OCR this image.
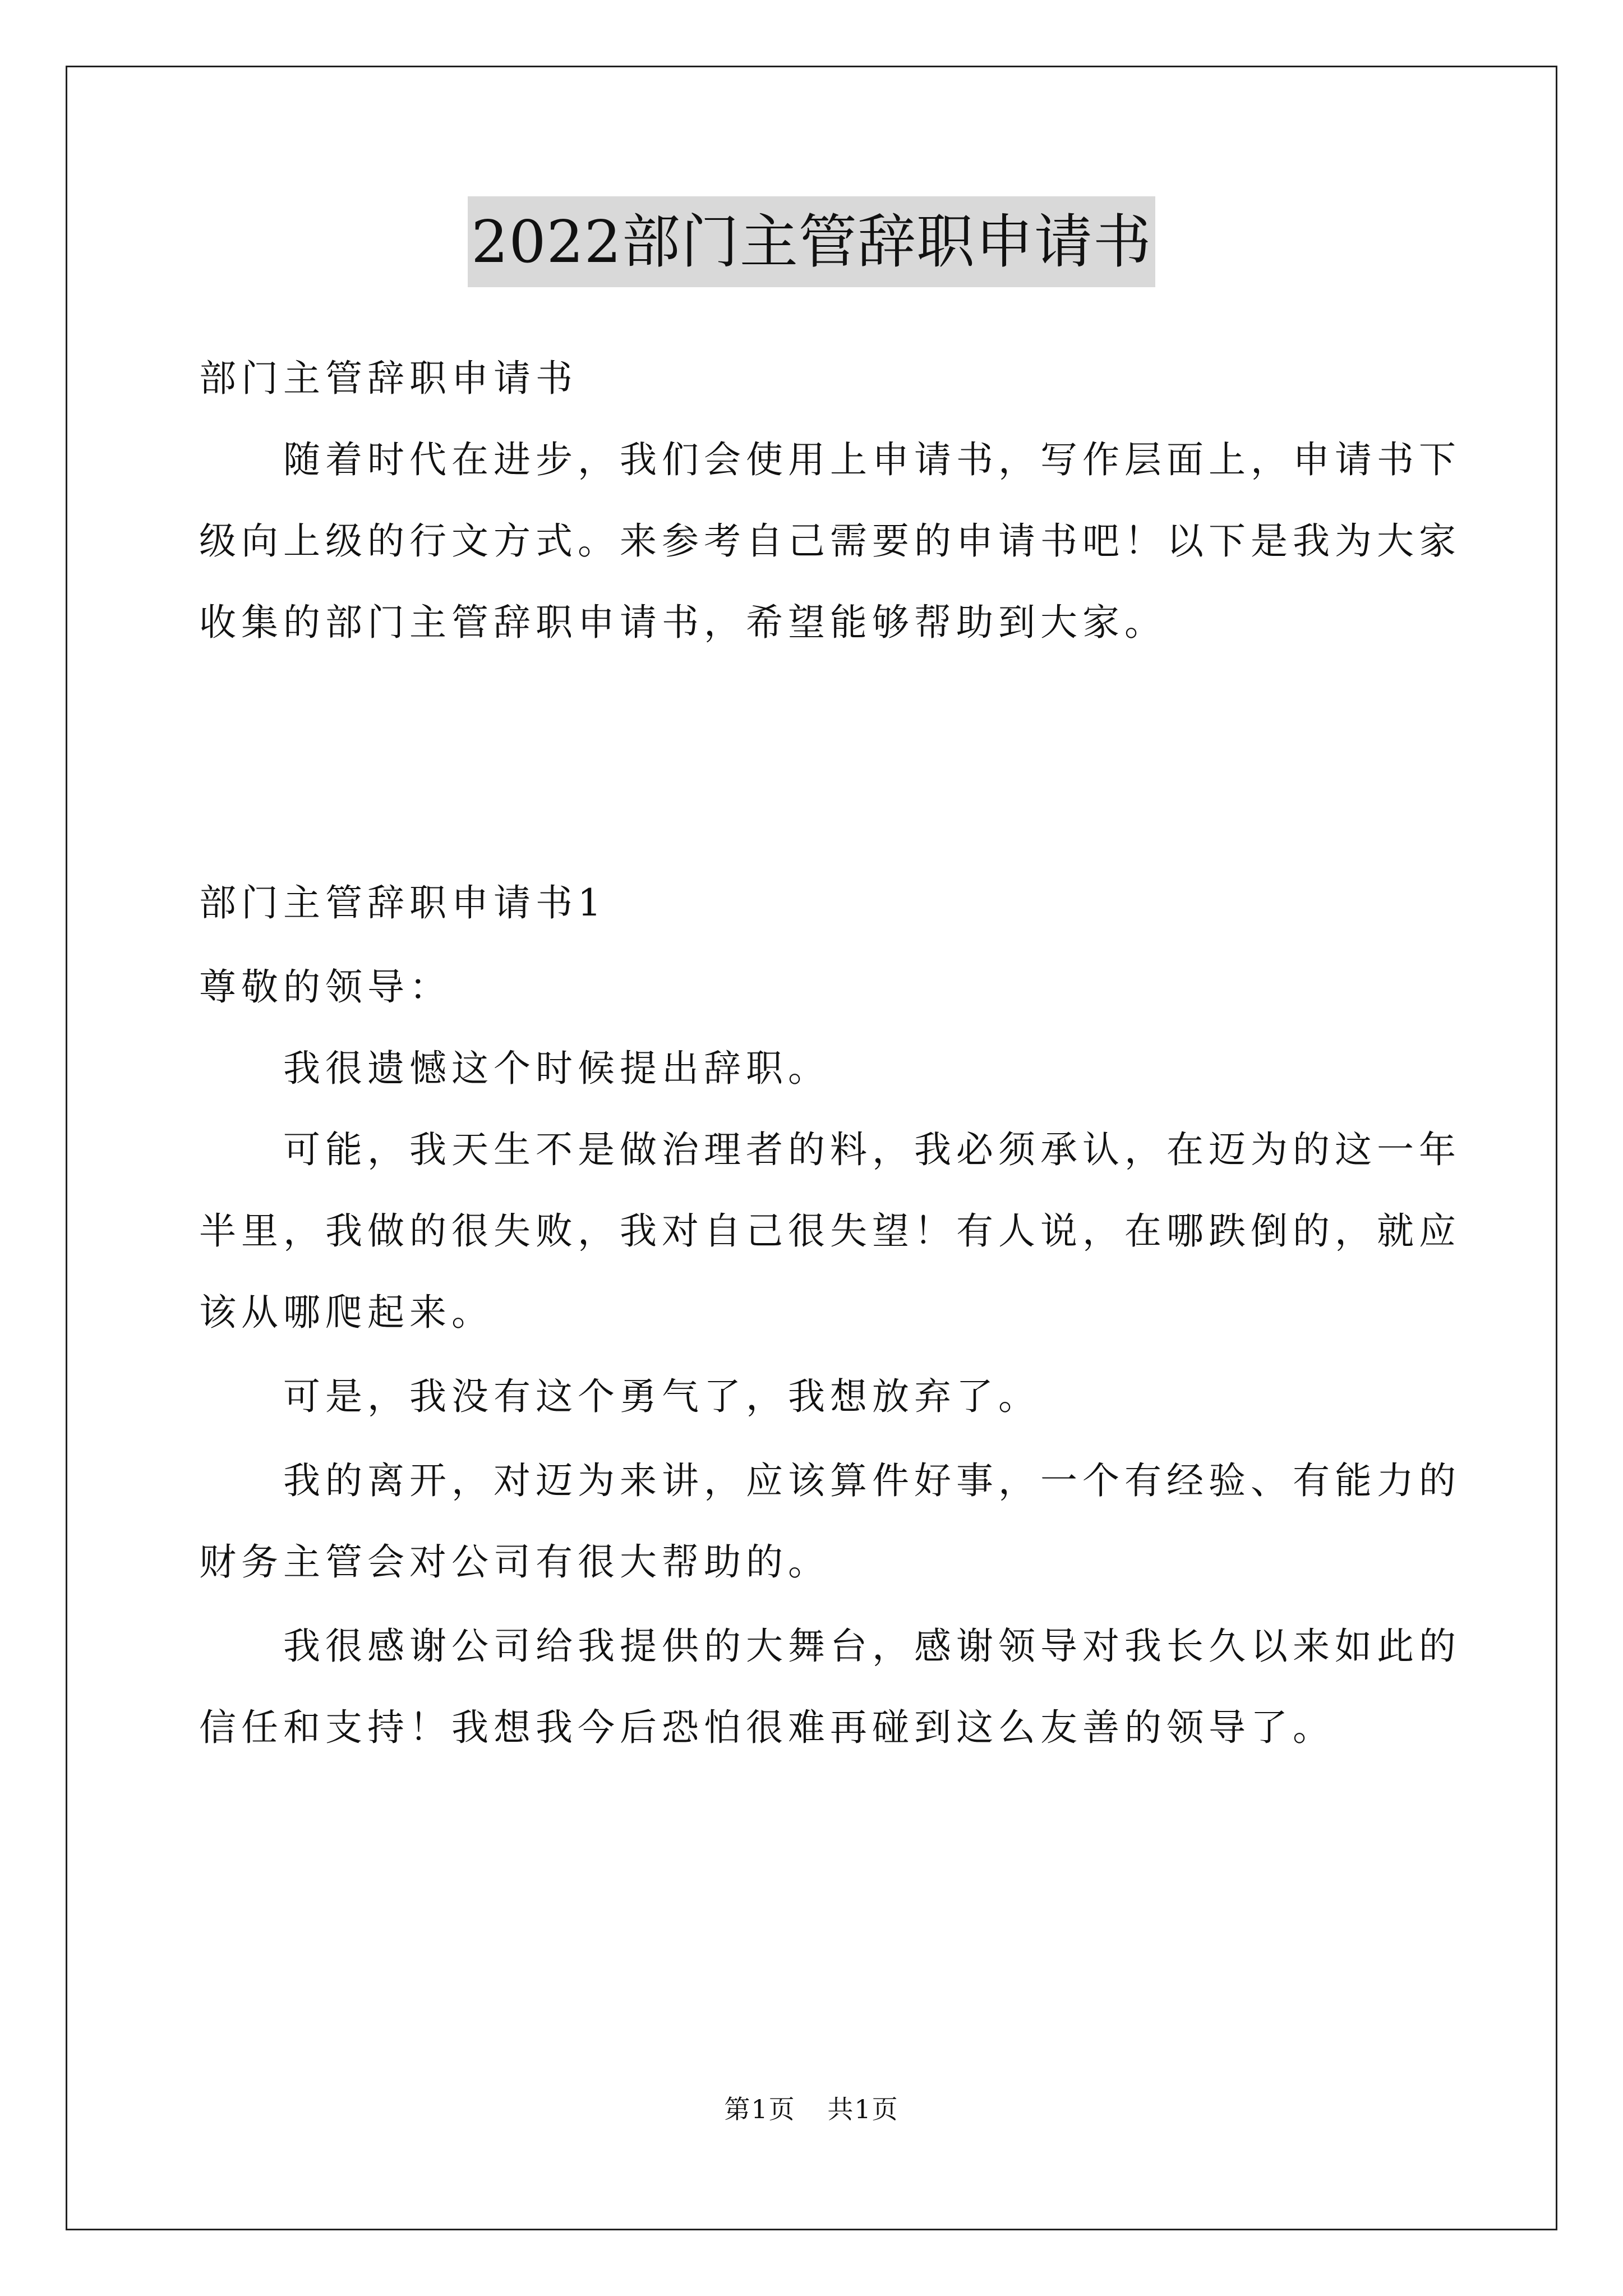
2022部门主管辞职申请书
部门主管辞职申请书
　　随着时代在进步，我们会使用上申请书，写作层面上，申请书下
级向上级的行文方式。来参考自己需要的申请书吧！以下是我为大家
收集的部门主管辞职申请书，希望能够帮助到大家。
部门主管辞职申请书1
尊敬的领导：
　　我很遗憾这个时候提出辞职。
　　可能，我天生不是做治理者的料，我必须承认，在迈为的这一年
半里，我做的很失败，我对自己很失望！有人说，在哪跌倒的，就应
该从哪爬起来。
　　可是，我没有这个勇气了，我想放弃了。
　　我的离开，对迈为来讲，应该算件好事，一个有经验、有能力的
财务主管会对公司有很大帮助的。
　　我很感谢公司给我提供的大舞台，感谢领导对我长久以来如此的
信任和支持！我想我今后恐怕很难再碰到这么友善的领导了。
第1页 共1页
